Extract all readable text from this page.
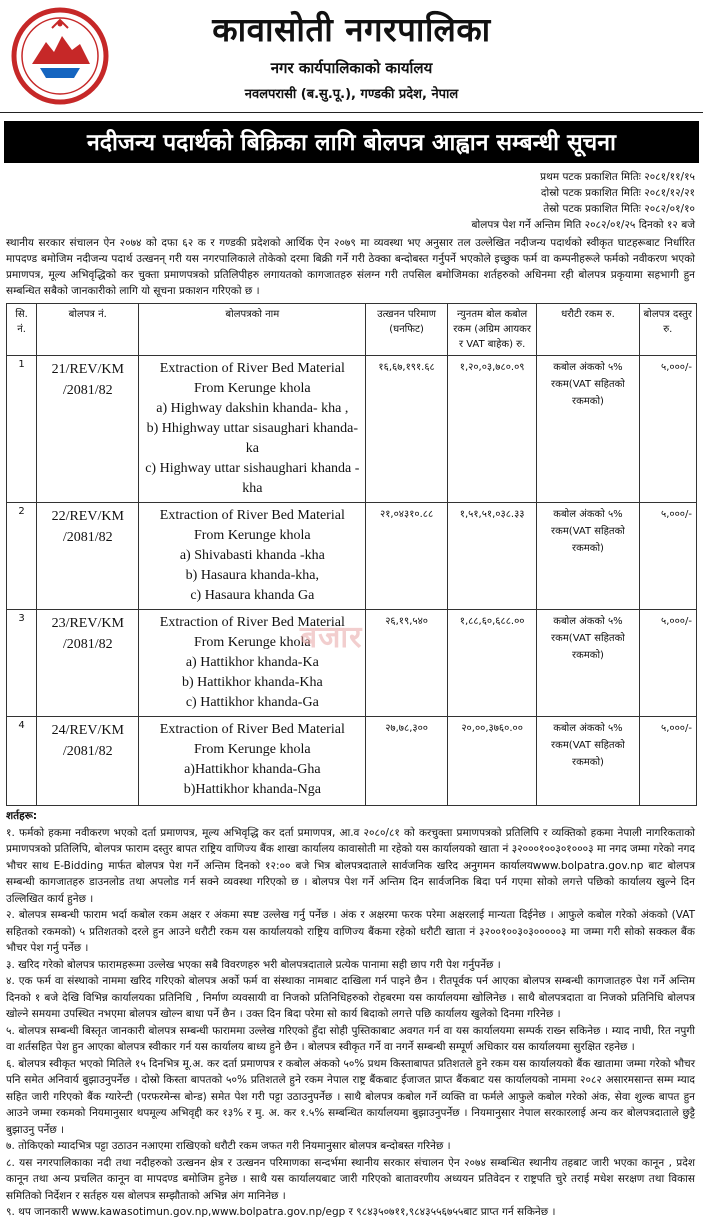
कावासोती नगरपालिका
नगर कार्यपालिकाको कार्यालय
नवलपरासी (ब.सु.पू.), गण्डकी प्रदेश, नेपाल
नदीजन्य पदार्थको बिक्रिका लागि बोलपत्र आह्वान सम्बन्धी सूचना
प्रथम पटक प्रकाशित मितिः २०८१/११/१५
दोस्रो पटक प्रकाशित मितिः २०८१/१२/२१
तेस्रो पटक प्रकाशित मितिः २०८२/०१/१०
बोलपत्र पेश गर्ने अन्तिम मिति २०८२/०१/२५ दिनको १२ बजे
स्थानीय सरकार संचालन ऐन २०७४ को दफा ६२ क र गण्डकी प्रदेशको आर्थिक ऐन २०७९ मा व्यवस्था भए अनुसार तल उल्लेखित नदीजन्य पदार्थको स्वीकृत घाटहरूबाट निर्धारित मापदण्ड बमोजिम नदीजन्य पदार्थ उत्खनन् गरी यस नगरपालिकाले तोकेको दरमा बिक्री गर्ने गरी ठेक्का बन्दोबस्त गर्नुपर्ने भएकोले इच्छुक फर्म वा कम्पनीहरूले फर्मको नवीकरण भएको प्रमाणपत्र, मूल्य अभिवृद्धिको कर चुक्ता प्रमाणपत्रको प्रतिलिपीहरु लगायतको कागजातहरु संलग्न गरी तपसिल बमोजिमका शर्तहरुको अधिनमा रही बोलपत्र प्रकृयामा सहभागी हुन सम्बन्धित सबैको जानकारीको लागि यो सूचना प्रकाशन गरिएको छ ।
सि. नं.	बोलपत्र नं.	बोलपत्रको नाम	उत्खनन परिमाण (घनफिट)	न्युनतम बोल कबोल रकम (अग्रिम आयकर र VAT बाहेक) रु.	धरौटी रकम रु.	बोलपत्र दस्तुर रु.
1	21/REV/KM /2081/82	Extraction of River Bed Material
From Kerunge khola
a) Highway dakshin khanda- kha ,
b) Hhighway uttar sisaughari khanda- ka
c) Highway uttar sishaughari khanda -kha	१६,६७,१९१.६८	१,२०,०३,७८०.०९	कबोल अंकको ५% रकम(VAT सहितको रकमको)	५,०००/-
2	22/REV/KM /2081/82	Extraction of River Bed Material
From Kerunge khola
a) Shivabasti khanda -kha
b) Hasaura khanda-kha,
c) Hasaura khanda Ga	२१,०४३१०.८८	१,५१,५१,०३८.३३	कबोल अंकको ५% रकम(VAT सहितको रकमको)	५,०००/-
3	23/REV/KM /2081/82	Extraction of River Bed Material
From Kerunge khola
a) Hattikhor khanda-Ka
b) Hattikhor khanda-Kha
c) Hattikhor khanda-Ga	२६,१९,५४०	१,८८,६०,६८८.००	कबोल अंकको ५% रकम(VAT सहितको रकमको)	५,०००/-
4	24/REV/KM /2081/82	Extraction of River Bed Material
From Kerunge khola
a)Hattikhor khanda-Gha
b)Hattikhor khanda-Nga	२७,७८,३००	२०,००,३७६०.००	कबोल अंकको ५% रकम(VAT सहितको रकमको)	५,०००/-
बजार
शर्तहरू:
१. फर्मको हकमा नवीकरण भएको दर्ता प्रमाणपत्र, मूल्य अभिवृद्धि कर दर्ता प्रमाणपत्र, आ.व २०८०/८१ को करचुक्ता प्रमाणपत्रको प्रतिलिपि र व्यक्तिको हकमा नेपाली नागरिकताको प्रमाणपत्रको प्रतिलिपि, बोलपत्र फाराम दस्तुर बापत राष्ट्रिय वाणिज्य बैंक शाखा कार्यालय कावासोती मा रहेको यस कार्यालयको खाता नं ३२०००१००३०१०००३ मा नगद जम्मा गरेको नगद भौचर साथ E-Bidding मार्फत बोलपत्र पेश गर्ने अन्तिम दिनको १२:०० बजे भित्र बोलपत्रदाताले सार्वजनिक खरिद अनुगमन कार्यालयwww.bolpatra.gov.np बाट बोलपत्र सम्बन्धी कागजातहरु डाउनलोड तथा अपलोड गर्न सक्ने व्यवस्था गरिएको छ । बोलपत्र पेश गर्ने अन्तिम दिन सार्वजनिक बिदा पर्न गएमा सोको लगत्ते पछिको कार्यालय खुल्ने दिन उल्लिखित कार्य हुनेछ ।
२. बोलपत्र सम्बन्धी फाराम भर्दा कबोल रकम अक्षर र अंकमा स्पष्ट उल्लेख गर्नु पर्नेछ । अंक र अक्षरमा फरक परेमा अक्षरलाई मान्यता दिईनेछ । आफुले कबोल गरेको अंकको (VAT सहितको रकमको) ५ प्रतिशतको दरले हुन आउने धरौटी रकम यस कार्यालयको राष्ट्रिय वाणिज्य बैंकमा रहेको धरौटी खाता नं ३२००१००३०३०००००३ मा जम्मा गरी सोको सक्कल बैंक भौचर पेश गर्नु पर्नेछ ।
३. खरिद गरेको बोलपत्र फारामहरूमा उल्लेख भएका सबै विवरणहरु भरी बोलपत्रदाताले प्रत्येक पानामा सही छाप गरी पेश गर्नुपर्नेछ ।
४. एक फर्म वा संस्थाको नाममा खरिद गरिएको बोलपत्र अर्को फर्म वा संस्थाका नामबाट दाखिला गर्न पाइने छैन । रीतपूर्वक पर्न आएका बोलपत्र सम्बन्धी कागजातहरु पेश गर्ने अन्तिम दिनको १ बजे देखि विभिन्न कार्यालयका प्रतिनिधि , निर्माण व्यवसायी वा निजको प्रतिनिधिहरुको रोहबरमा यस कार्यालयमा खोलिनेछ । साथै बोलपत्रदाता वा निजको प्रतिनिधि बोलपत्र खोल्ने समयमा उपस्थित नभएमा बोलपत्र खोल्न बाधा पर्ने छैन । उक्त दिन बिदा परेमा सो कार्य बिदाको लगत्ते पछि कार्यालय खुलेको दिनमा गरिनेछ ।
५. बोलपत्र सम्बन्धी बिस्तृत जानकारी बोलपत्र सम्बन्धी फाराममा उल्लेख गरिएको हुँदा सोही पुस्तिकाबाट अवगत गर्न वा यस कार्यालयमा सम्पर्क राख्न सकिनेछ । म्याद नाघी, रित नपुगी वा शर्तसहित पेश हुन आएका बोलपत्र स्वीकार गर्न यस कार्यालय बाध्य हुने छैन । बोलपत्र स्वीकृत गर्ने वा नगर्ने सम्बन्धी सम्पूर्ण अधिकार यस कार्यालयमा सुरक्षित रहनेछ ।
६. बोलपत्र स्वीकृत भएको मितिले १५ दिनभित्र मू.अ. कर दर्ता प्रमाणपत्र र कबोल अंकको ५०% प्रथम किस्ताबापत प्रतिशतले हुने रकम यस कार्यालयको बैंक खातामा जम्मा गरेको भौचर पनि समेत अनिवार्य बुझाउनुपर्नेछ । दोस्रो किस्ता बापतको ५०% प्रतिशतले हुने रकम नेपाल राष्ट्र बैंकबाट ईजाजत प्राप्त बैंकबाट यस कार्यालयको नाममा २०८२ असारमसान्त सम्म म्याद सहित जारी गरिएको बैंक ग्यारेन्टी (परफरमेन्स बोन्ड) समेत पेश गरी पट्टा उठाउनुपर्नेछ । साथै बोलपत्र कबोल गर्ने व्यक्ति वा फर्मले आफुले कबोल गरेको अंक, सेवा शुल्क बापत हुन आउने जम्मा रकमको नियमानुसार थपमूल्य अभिवृद्दी कर १३% र मु. अ. कर १.५% सम्बन्धित कार्यालयमा बुझाउनुपर्नेछ । नियमानुसार नेपाल सरकारलाई अन्य कर बोलपत्रदाताले छुट्टै बुझाउनु पर्नेछ ।
७. तोकिएको म्यादभित्र पट्टा उठाउन नआएमा राखिएको धरौटी रकम जफत गरी नियमानुसार बोलपत्र बन्दोबस्त गरिनेछ ।
८. यस नगरपालिकाका नदी तथा नदीहरुको उत्खनन क्षेत्र र उत्खनन परिमाणका सन्दर्भमा स्थानीय सरकार संचालन ऐन २०७४ सम्बन्धित स्थानीय तहबाट जारी भएका कानून , प्रदेश कानून तथा अन्य प्रचलित कानून वा मापदण्ड बमोजिम हुनेछ । साथै यस कार्यालयबाट जारी गरिएको बातावरणीय अध्ययन प्रतिवेदन र राष्ट्रपति चुरे तराई मधेश सरक्षण तथा विकास समितिको निर्देशन र सर्तहरु यस बोलपत्र सम्झौताको अभिन्न अंग मानिनेछ ।
९. थप जानकारी www.kawasotimun.gov.np,www.bolpatra.gov.np/egp र ९८४३५०७११,९८४३५५६७५५बाट प्राप्त गर्न सकिनेछ ।
